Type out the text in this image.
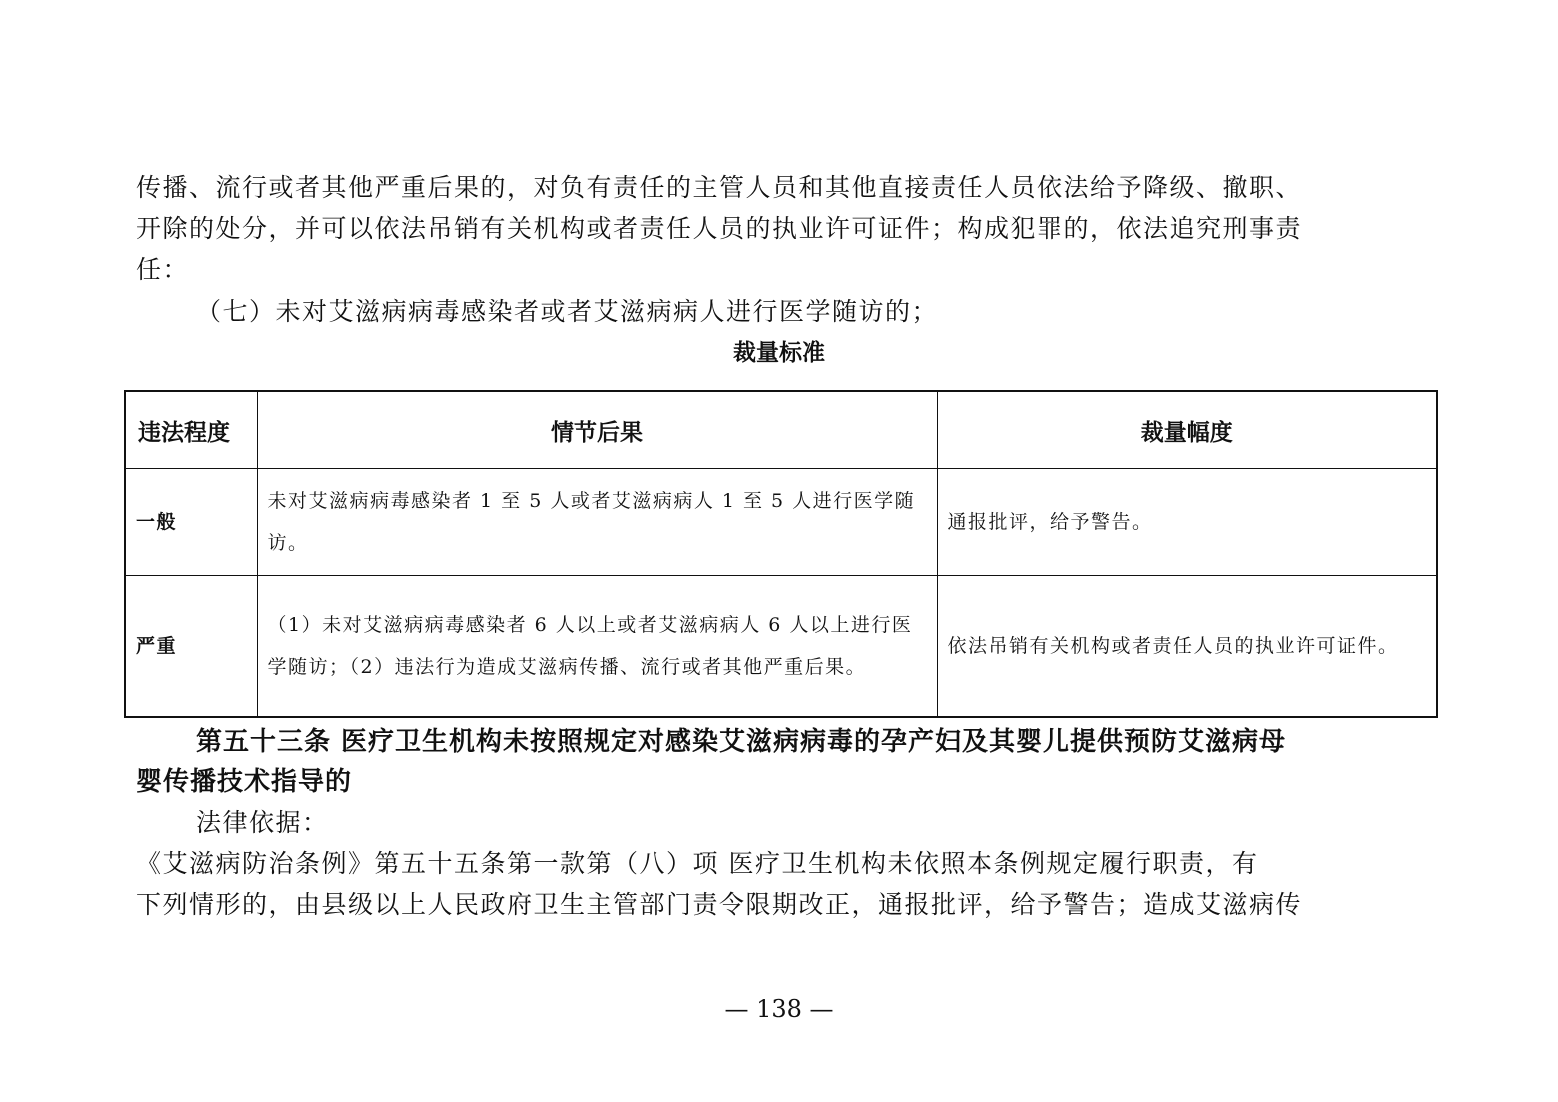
传播、流行或者其他严重后果的，对负有责任的主管人员和其他直接责任人员依法给予降级、撤职、
开除的处分，并可以依法吊销有关机构或者责任人员的执业许可证件；构成犯罪的，依法追究刑事责
任：
（七）未对艾滋病病毒感染者或者艾滋病病人进行医学随访的；
裁量标准
违法程度	情节后果	裁量幅度
一般	未对艾滋病病毒感染者 1 至 5 人或者艾滋病病人 1 至 5 人进行医学随访。	通报批评，给予警告。
严重	（1）未对艾滋病病毒感染者 6 人以上或者艾滋病病人 6 人以上进行医学随访；（2）违法行为造成艾滋病传播、流行或者其他严重后果。	依法吊销有关机构或者责任人员的执业许可证件。
第五十三条 医疗卫生机构未按照规定对感染艾滋病病毒的孕产妇及其婴儿提供预防艾滋病母
婴传播技术指导的
法律依据：
《艾滋病防治条例》第五十五条第一款第（八）项 医疗卫生机构未依照本条例规定履行职责，有
下列情形的，由县级以上人民政府卫生主管部门责令限期改正，通报批评，给予警告；造成艾滋病传
— 138 —
